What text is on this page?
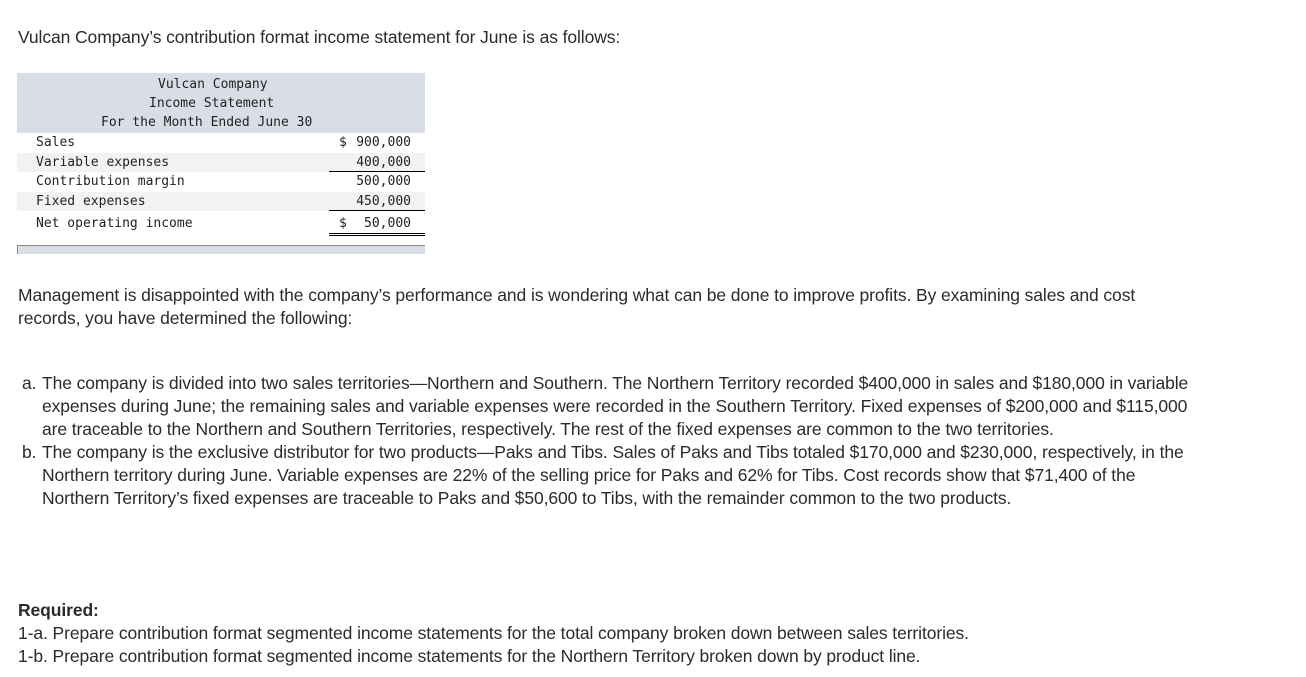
Vulcan Company’s contribution format income statement for June is as follows:

Vulcan Company
Income Statement
For the Month Ended June 30
Sales	$ 900,000
Variable expenses	400,000
Contribution margin	500,000
Fixed expenses	450,000
Net operating income	$ 50,000

Management is disappointed with the company’s performance and is wondering what can be done to improve profits. By examining sales and cost records, you have determined the following:

a. The company is divided into two sales territories—Northern and Southern. The Northern Territory recorded $400,000 in sales and $180,000 in variable expenses during June; the remaining sales and variable expenses were recorded in the Southern Territory. Fixed expenses of $200,000 and $115,000 are traceable to the Northern and Southern Territories, respectively. The rest of the fixed expenses are common to the two territories.
b. The company is the exclusive distributor for two products—Paks and Tibs. Sales of Paks and Tibs totaled $170,000 and $230,000, respectively, in the Northern territory during June. Variable expenses are 22% of the selling price for Paks and 62% for Tibs. Cost records show that $71,400 of the Northern Territory’s fixed expenses are traceable to Paks and $50,600 to Tibs, with the remainder common to the two products.
Required:
1-a. Prepare contribution format segmented income statements for the total company broken down between sales territories.
1-b. Prepare contribution format segmented income statements for the Northern Territory broken down by product line.
